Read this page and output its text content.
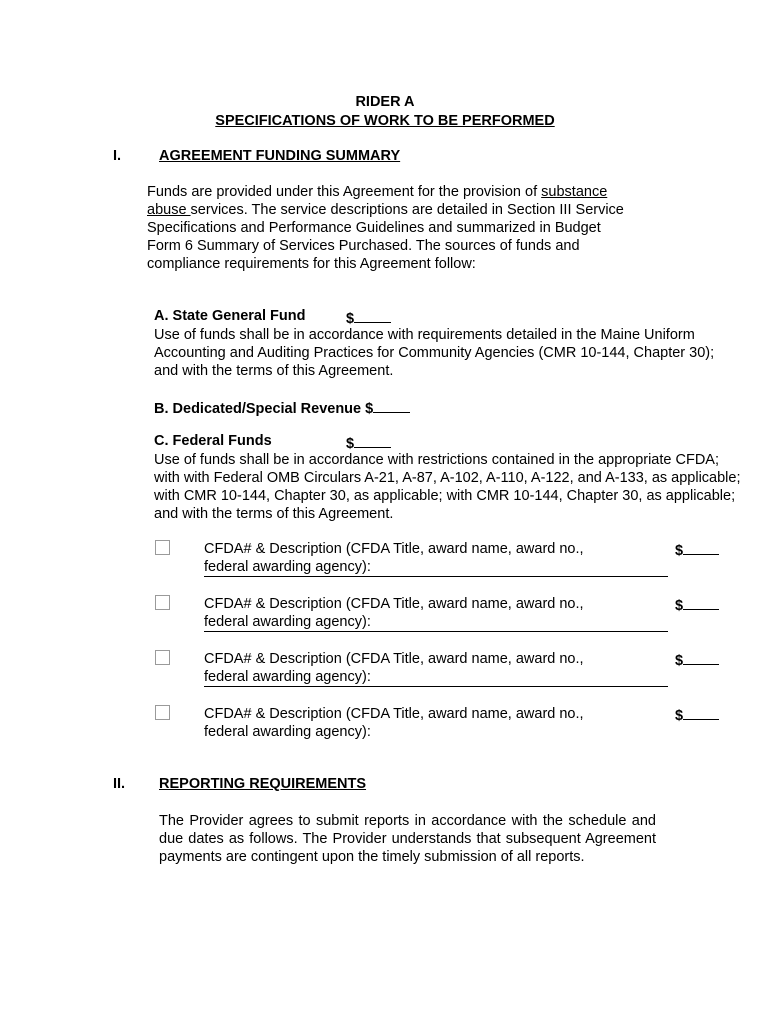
RIDER A
SPECIFICATIONS OF WORK TO BE PERFORMED
I.	AGREEMENT FUNDING SUMMARY
Funds are provided under this Agreement for the provision of substance abuse services. The service descriptions are detailed in Section III Service Specifications and Performance Guidelines and summarized in Budget Form 6 Summary of Services Purchased. The sources of funds and compliance requirements for this Agreement follow:
A. State General Fund	$
Use of funds shall be in accordance with requirements detailed in the Maine Uniform Accounting and Auditing Practices for Community Agencies (CMR 10-144, Chapter 30); and with the terms of this Agreement.
B. Dedicated/Special Revenue $
C. Federal Funds	$
Use of funds shall be in accordance with restrictions contained in the appropriate CFDA; with with Federal OMB Circulars A-21, A-87, A-102, A-110, A-122, and A-133, as applicable; with CMR 10-144, Chapter 30, as applicable; with CMR 10-144, Chapter 30, as applicable; and with the terms of this Agreement.
CFDA# & Description (CFDA Title, award name, award no.,
federal awarding agency):
$
CFDA# & Description (CFDA Title, award name, award no.,
federal awarding agency):
$
CFDA# & Description (CFDA Title, award name, award no.,
federal awarding agency):
$
CFDA# & Description (CFDA Title, award name, award no.,
federal awarding agency):
$
II. REPORTING REQUIREMENTS
The Provider agrees to submit reports in accordance with the schedule and due dates as follows. The Provider understands that subsequent Agreement payments are contingent upon the timely submission of all reports.
